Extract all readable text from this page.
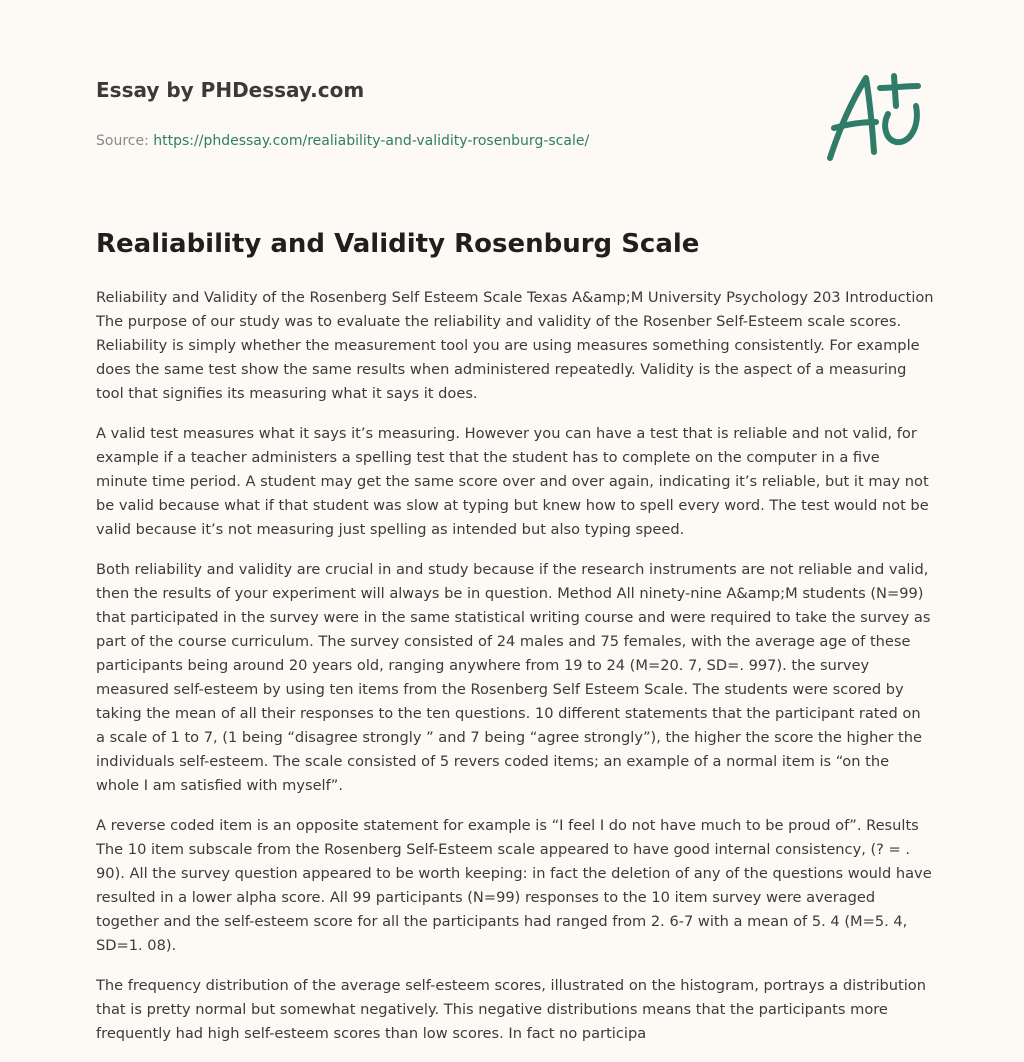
Essay by PHDessay.com
Source: https://phdessay.com/realiability-and-validity-rosenburg-scale/
Realiability and Validity Rosenburg Scale

Reliability and Validity of the Rosenberg Self Esteem Scale Texas A&amp;M University Psychology 203 Introduction The purpose of our study was to evaluate the reliability and validity of the Rosenber Self-Esteem scale scores. Reliability is simply whether the measurement tool you are using measures something consistently. For example does the same test show the same results when administered repeatedly. Validity is the aspect of a measuring tool that signifies its measuring what it says it does.

A valid test measures what it says it’s measuring. However you can have a test that is reliable and not valid, for example if a teacher administers a spelling test that the student has to complete on the computer in a five minute time period. A student may get the same score over and over again, indicating it’s reliable, but it may not be valid because what if that student was slow at typing but knew how to spell every word. The test would not be valid because it’s not measuring just spelling as intended but also typing speed.

Both reliability and validity are crucial in and study because if the research instruments are not reliable and valid, then the results of your experiment will always be in question. Method All ninety-nine A&amp;M students (N=99) that participated in the survey were in the same statistical writing course and were required to take the survey as part of the course curriculum. The survey consisted of 24 males and 75 females, with the average age of these participants being around 20 years old, ranging anywhere from 19 to 24 (M=20. 7, SD=. 997). the survey measured self-esteem by using ten items from the Rosenberg Self Esteem Scale. The students were scored by taking the mean of all their responses to the ten questions. 10 different statements that the participant rated on a scale of 1 to 7, (1 being “disagree strongly ” and 7 being “agree strongly”), the higher the score the higher the individuals self-esteem. The scale consisted of 5 revers coded items; an example of a normal item is “on the whole I am satisfied with myself”.

A reverse coded item is an opposite statement for example is “I feel I do not have much to be proud of”. Results The 10 item subscale from the Rosenberg Self-Esteem scale appeared to have good internal consistency, (? = . 90). All the survey question appeared to be worth keeping: in fact the deletion of any of the questions would have resulted in a lower alpha score. All 99 participants (N=99) responses to the 10 item survey were averaged together and the self-esteem score for all the participants had ranged from 2. 6-7 with a mean of 5. 4 (M=5. 4, SD=1. 08).

The frequency distribution of the average self-esteem scores, illustrated on the histogram, portrays a distribution that is pretty normal but somewhat negatively. This negative distributions means that the participants more frequently had high self-esteem scores than low scores. In fact no participa
